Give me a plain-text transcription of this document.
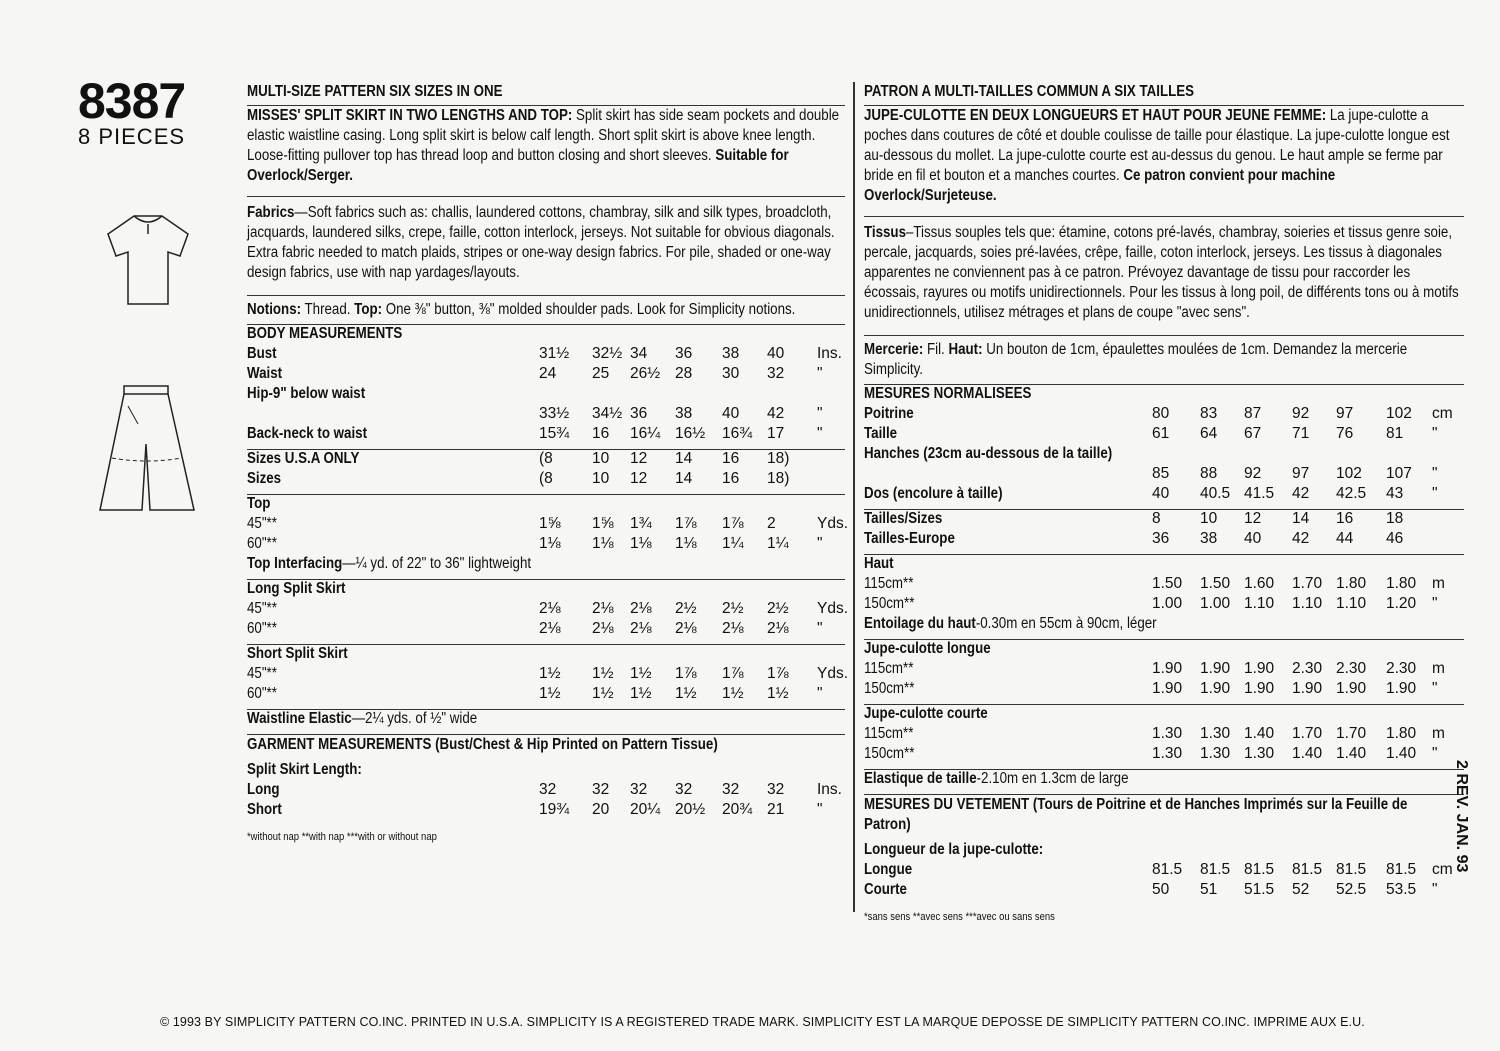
8387
8 PIECES
MULTI-SIZE PATTERN SIX SIZES IN ONE
MISSES' SPLIT SKIRT IN TWO LENGTHS AND TOP: Split skirt has side seam pockets and double elastic waistline casing. Long split skirt is below calf length. Short split skirt is above knee length. Loose-fitting pullover top has thread loop and button closing and short sleeves. Suitable for Overlock/Serger.
Fabrics—Soft fabrics such as: challis, laundered cottons, chambray, silk and silk types, broadcloth, jacquards, laundered silks, crepe, faille, cotton interlock, jerseys. Not suitable for obvious diagonals. Extra fabric needed to match plaids, stripes or one-way design fabrics. For pile, shaded or one-way design fabrics, use with nap yardages/layouts.
Notions: Thread. Top: One ⅜" button, ⅜" molded shoulder pads. Look for Simplicity notions.
BODY MEASUREMENTS
Bust	31½	32½ 34	36	38	40	Ins.
Waist	24	25	26½ 28	30	32	"
Hip-9" below waist
33½	34½ 36	38	40	42	"
Back-neck to waist	15¾	16	16¼ 16½	16¾ 17	"
Sizes U.S.A ONLY	(8	10	12	14	16	18)
Sizes	(8	10	12	14	16	18)
Top
45"**	1⅝	1⅝	1¾	1⅞	1⅞	2	Yds.
60"**	1⅛	1⅛	1⅛	1⅛	1¼	1¼	"
Top Interfacing—¼ yd. of 22" to 36" lightweight
Long Split Skirt
45"**	2⅛	2⅛	2⅛	2½	2½	2½	Yds.
60"**	2⅛	2⅛	2⅛	2⅛	2⅛	2⅛	"
Short Split Skirt
45"**	1½	1½	1½	1⅞	1⅞	1⅞	Yds.
60"**	1½	1½	1½	1½	1½	1½	"
Waistline Elastic—2¼ yds. of ½" wide
GARMENT MEASUREMENTS (Bust/Chest & Hip Printed on Pattern Tissue)
Split Skirt Length:
Long	32	32	32	32	32	32	Ins.
Short	19¾	20	20¼ 20½	20¾ 21	"
*without nap **with nap ***with or without nap
PATRON A MULTI-TAILLES COMMUN A SIX TAILLES
JUPE-CULOTTE EN DEUX LONGUEURS ET HAUT POUR JEUNE FEMME: La jupe-culotte a poches dans coutures de côté et double coulisse de taille pour élastique. La jupe-culotte longue est au-dessous du mollet. La jupe-culotte courte est au-dessus du genou. Le haut ample se ferme par bride en fil et bouton et a manches courtes. Ce patron convient pour machine Overlock/Surjeteuse.
Tissus–Tissus souples tels que: étamine, cotons pré-lavés, chambray, soieries et tissus genre soie, percale, jacquards, soies pré-lavées, crêpe, faille, coton interlock, jerseys. Les tissus à diagonales apparentes ne conviennent pas à ce patron. Prévoyez davantage de tissu pour raccorder les écossais, rayures ou motifs unidirectionnels. Pour les tissus à long poil, de différents tons ou à motifs unidirectionnels, utilisez métrages et plans de coupe "avec sens".
Mercerie: Fil. Haut: Un bouton de 1cm, épaulettes moulées de 1cm. Demandez la mercerie Simplicity.
MESURES NORMALISEES
Poitrine	80	83	87	92	97	102	cm
Taille	61	64	67	71	76	81	"
Hanches (23cm au-dessous de la taille)
85	88	92	97	102	107	"
Dos (encolure à taille)	40	40.5 41.5	42	42.5	43	"
Tailles/Sizes	8	10	12	14	16	18
Tailles-Europe	36	38	40	42	44	46
Haut
115cm**	1.50	1.50 1.60	1.70 1.80	1.80	m
150cm**	1.00	1.00 1.10	1.10 1.10	1.20	"
Entoilage du haut-0.30m en 55cm à 90cm, léger
Jupe-culotte longue
115cm**	1.90	1.90 1.90	2.30 2.30	2.30	m
150cm**	1.90	1.90 1.90	1.90 1.90	1.90	"
Jupe-culotte courte
115cm**	1.30	1.30 1.40	1.70 1.70	1.80	m
150cm**	1.30	1.30 1.30	1.40 1.40	1.40	"
Elastique de taille-2.10m en 1.3cm de large
MESURES DU VETEMENT (Tours de Poitrine et de Hanches Imprimés sur la Feuille de Patron)
Longueur de la jupe-culotte:
Longue	81.5	81.5 81.5	81.5 81.5	81.5	cm
Courte	50	51	51.5	52	52.5	53.5	"
*sans sens **avec sens ***avec ou sans sens
2 REV. JAN. 93
© 1993 BY SIMPLICITY PATTERN CO.INC. PRINTED IN U.S.A. SIMPLICITY IS A REGISTERED TRADE MARK. SIMPLICITY EST LA MARQUE DEPOSSE DE SIMPLICITY PATTERN CO.INC. IMPRIME AUX E.U.
